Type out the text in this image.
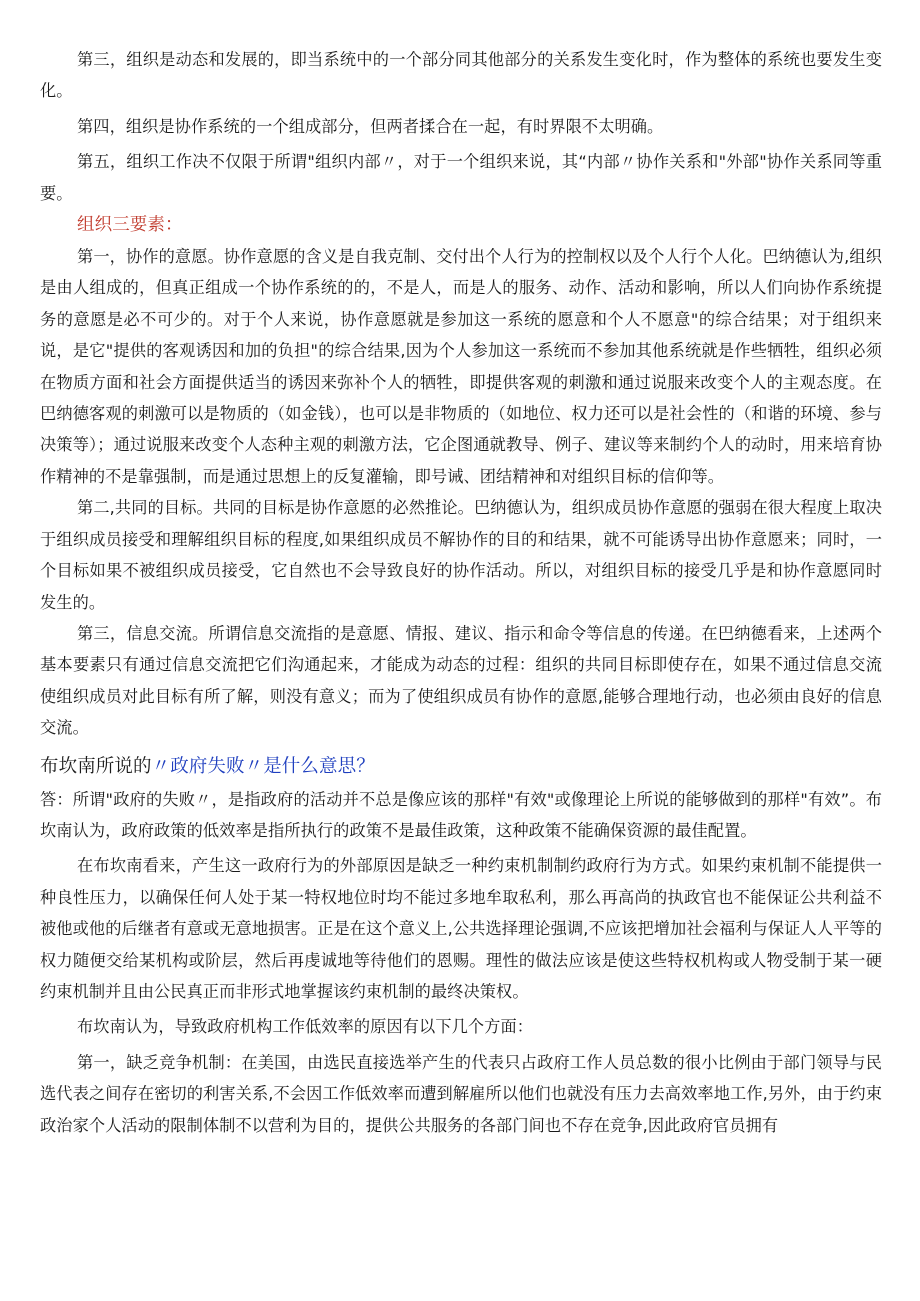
第三，组织是动态和发展的，即当系统中的一个部分同其他部分的关系发生变化时，作为整体的系统也要发生变化。

第四，组织是协作系统的一个组成部分，但两者揉合在一起，有时界限不太明确。

第五，组织工作决不仅限于所谓"组织内部〃，对于一个组织来说，其“内部〃协作关系和"外部"协作关系同等重要。

组织三要素：

第一，协作的意愿。协作意愿的含义是自我克制、交付出个人行为的控制权以及个人行个人化。巴纳德认为,组织是由人组成的，但真正组成一个协作系统的的，不是人，而是人的服务、动作、活动和影响，所以人们向协作系统提务的意愿是必不可少的。对于个人来说，协作意愿就是参加这一系统的愿意和个人不愿意"的综合结果；对于组织来说，是它"提供的客观诱因和加的负担"的综合结果,因为个人参加这一系统而不参加其他系统就是作些牺牲，组织必须在物质方面和社会方面提供适当的诱因来弥补个人的牺牲，即提供客观的刺激和通过说服来改变个人的主观态度。在巴纳德客观的刺激可以是物质的（如金钱），也可以是非物质的（如地位、权力还可以是社会性的（和谐的环境、参与决策等）；通过说服来改变个人态种主观的刺激方法，它企图通就教导、例子、建议等来制约个人的动时，用来培育协作精神的不是靠强制，而是通过思想上的反复灌输，即号诫、团结精神和对组织目标的信仰等。

第二,共同的目标。共同的目标是协作意愿的必然推论。巴纳德认为，组织成员协作意愿的强弱在很大程度上取决于组织成员接受和理解组织目标的程度,如果组织成员不解协作的目的和结果，就不可能诱导出协作意愿来；同时，一个目标如果不被组织成员接受，它自然也不会导致良好的协作活动。所以，对组织目标的接受几乎是和协作意愿同时发生的。

第三，信息交流。所谓信息交流指的是意愿、情报、建议、指示和命令等信息的传递。在巴纳德看来，上述两个基本要素只有通过信息交流把它们沟通起来，才能成为动态的过程：组织的共同目标即使存在，如果不通过信息交流使组织成员对此目标有所了解，则没有意义；而为了使组织成员有协作的意愿,能够合理地行动，也必须由良好的信息交流。

布坎南所说的〃政府失败〃是什么意思？

答：所谓"政府的失败〃，是指政府的活动并不总是像应该的那样"有效"或像理论上所说的能够做到的那样"有效”。布坎南认为，政府政策的低效率是指所执行的政策不是最佳政策，这种政策不能确保资源的最佳配置。

在布坎南看来，产生这一政府行为的外部原因是缺乏一种约束机制制约政府行为方式。如果约束机制不能提供一种良性压力，以确保任何人处于某一特权地位时均不能过多地牟取私利，那么再高尚的执政官也不能保证公共利益不被他或他的后继者有意或无意地损害。正是在这个意义上,公共选择理论强调,不应该把增加社会福利与保证人人平等的权力随便交给某机构或阶层，然后再虔诚地等待他们的恩赐。理性的做法应该是使这些特权机构或人物受制于某一硬约束机制并且由公民真正而非形式地掌握该约束机制的最终决策权。

布坎南认为，导致政府机构工作低效率的原因有以下几个方面：

第一，缺乏竞争机制：在美国，由选民直接选举产生的代表只占政府工作人员总数的很小比例由于部门领导与民选代表之间存在密切的利害关系,不会因工作低效率而遭到解雇所以他们也就没有压力去高效率地工作,另外，由于约束政治家个人活动的限制体制不以营利为目的，提供公共服务的各部门间也不存在竞争,因此政府官员拥有
